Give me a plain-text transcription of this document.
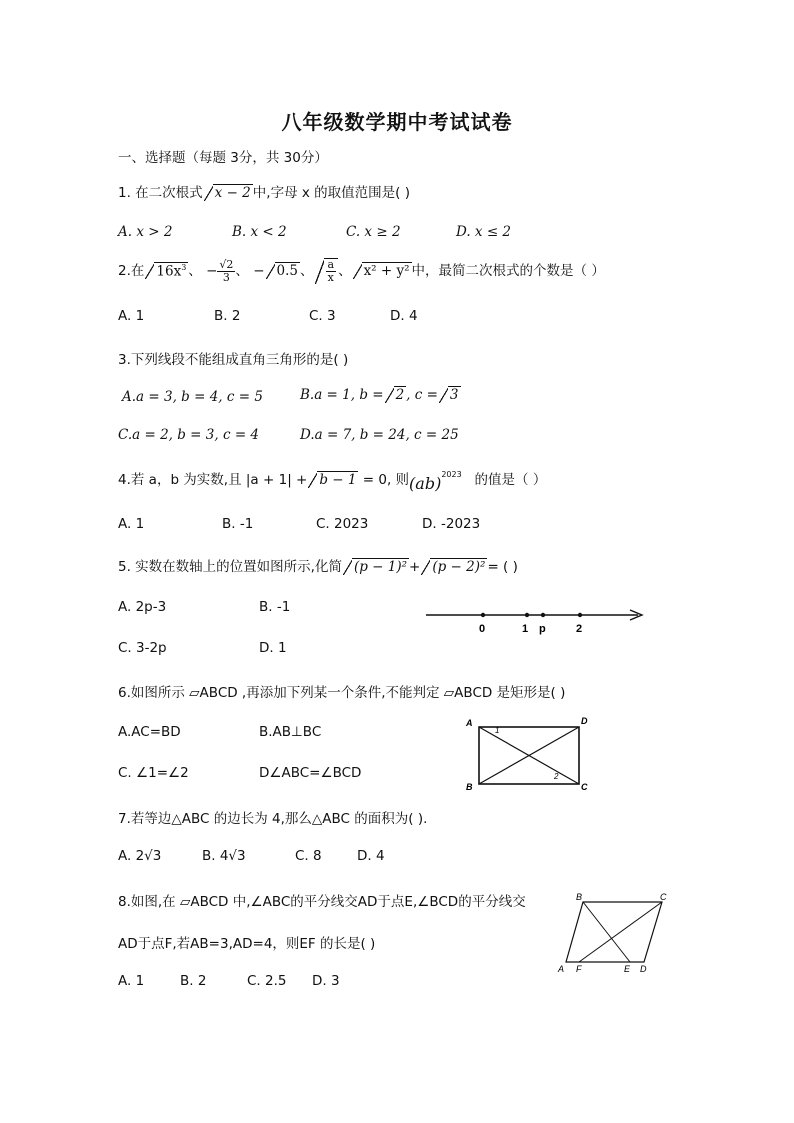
八年级数学期中考试试卷
一、选择题（每题 3分，共 30分）
1. 在二次根式 x − 2 中,字母 x 的取值范围是( )
A. x > 2	B. x < 2	C. x ≥ 2	D. x ≤ 2
2.在 $16x^3$ 、 − $\frac{√2}{3}$ 、 − 0.5 、 $\frac{a}{x}$ 、 x² + y² 中，最简二次根式的个数是（ ）
A. 1	B. 2	C. 3	D. 4
3.下列线段不能组成直角三角形的是( )
A.a = 3, b = 4, c = 5	B.a = 1, b = 2 , c = 3
C.a = 2, b = 3, c = 4	D.a = 7, b = 24, c = 25
4.若 a，b 为实数,且 |a + 1| + b − 1 = 0, 则(ab)$^{2023}$ 的值是（ ）
A. 1	B. -1	C. 2023	D. -2023
5. 实数在数轴上的位置如图所示,化简 (p − 1)² + (p − 2)² = ( )
A. 2p-3	B. -1
C. 3-2p	D. 1
0	1 p	2
6.如图所示 ▱ABCD ,再添加下列某一个条件,不能判定 ▱ABCD 是矩形是( )
A.AC=BD	B.AB⊥BC
C. ∠1=∠2	D∠ABC=∠BCD
A	D
B	C
1
2
7.若等边△ABC 的边长为 4,那么△ABC 的面积为( ).
A. 2√3	B. 4√3	C. 8	D. 4
8.如图,在 ▱ABCD 中,∠ABC的平分线交AD于点E,∠BCD的平分线交
AD于点F,若AB=3,AD=4，则EF 的长是( )
A. 1	B. 2	C. 2.5 D. 3
B	C
A F	E D
